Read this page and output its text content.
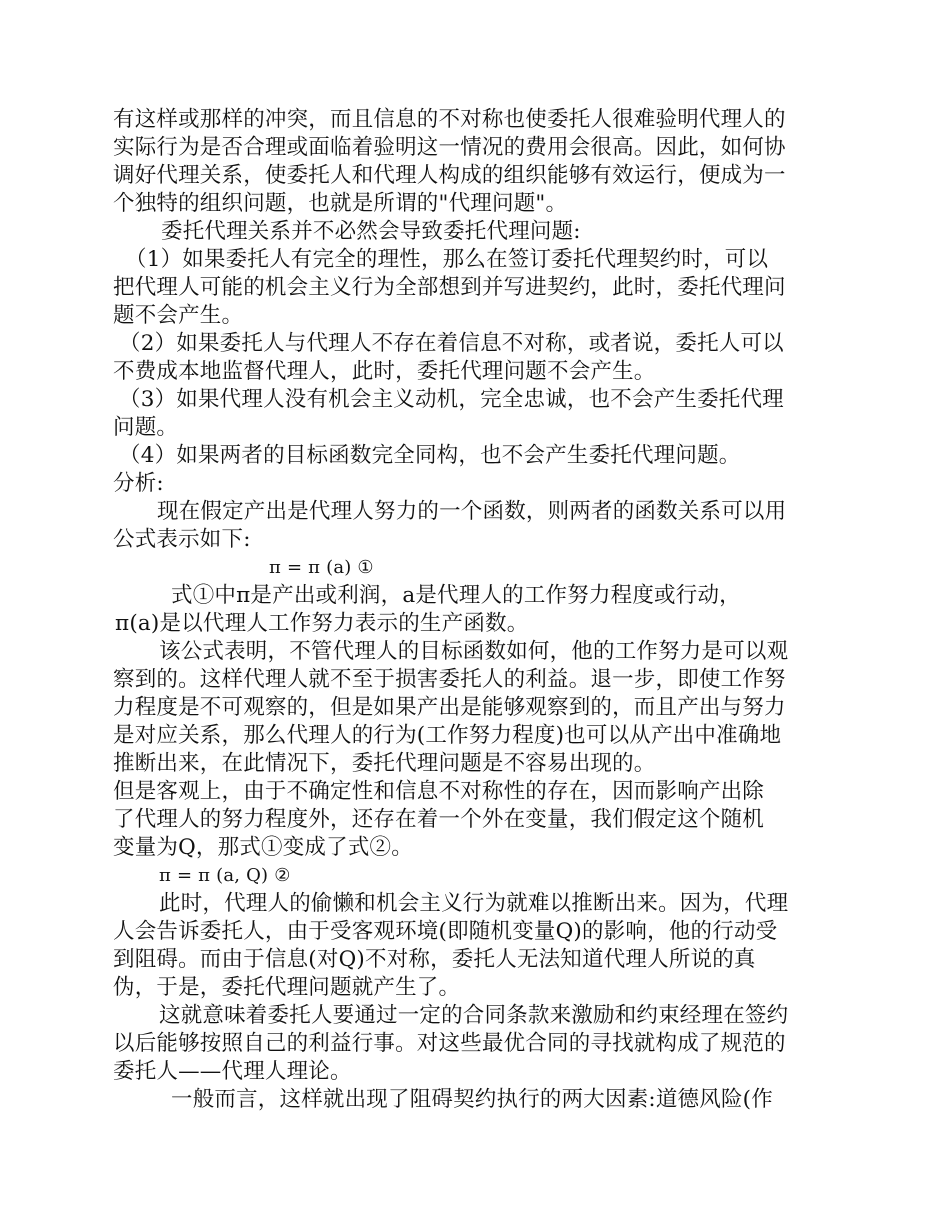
有这样或那样的冲突，而且信息的不对称也使委托人很难验明代理人的
实际行为是否合理或面临着验明这一情况的费用会很高。因此，如何协
调好代理关系，使委托人和代理人构成的组织能够有效运行，便成为一
个独特的组织问题，也就是所谓的"代理问题"。
委托代理关系并不必然会导致委托代理问题:
（1）如果委托人有完全的理性，那么在签订委托代理契约时，可以
把代理人可能的机会主义行为全部想到并写进契约，此时，委托代理问
题不会产生。
（2）如果委托人与代理人不存在着信息不对称，或者说，委托人可以
不费成本地监督代理人，此时，委托代理问题不会产生。
（3）如果代理人没有机会主义动机，完全忠诚，也不会产生委托代理
问题。
（4）如果两者的目标函数完全同构，也不会产生委托代理问题。
分析:
现在假定产出是代理人努力的一个函数，则两者的函数关系可以用
公式表示如下:
π = π (a) ①
式①中π是产出或利润，a是代理人的工作努力程度或行动，
π(a)是以代理人工作努力表示的生产函数。
该公式表明，不管代理人的目标函数如何，他的工作努力是可以观
察到的。这样代理人就不至于损害委托人的利益。退一步，即使工作努
力程度是不可观察的，但是如果产出是能够观察到的，而且产出与努力
是对应关系，那么代理人的行为(工作努力程度)也可以从产出中准确地
推断出来，在此情况下，委托代理问题是不容易出现的。
但是客观上，由于不确定性和信息不对称性的存在，因而影响产出除
了代理人的努力程度外，还存在着一个外在变量，我们假定这个随机
变量为Q，那式①变成了式②。
π = π (a, Q) ②
此时，代理人的偷懒和机会主义行为就难以推断出来。因为，代理
人会告诉委托人，由于受客观环境(即随机变量Q)的影响，他的行动受
到阻碍。而由于信息(对Q)不对称，委托人无法知道代理人所说的真
伪，于是，委托代理问题就产生了。
这就意味着委托人要通过一定的合同条款来激励和约束经理在签约
以后能够按照自己的利益行事。对这些最优合同的寻找就构成了规范的
委托人——代理人理论。
一般而言，这样就出现了阻碍契约执行的两大因素:道德风险(作
